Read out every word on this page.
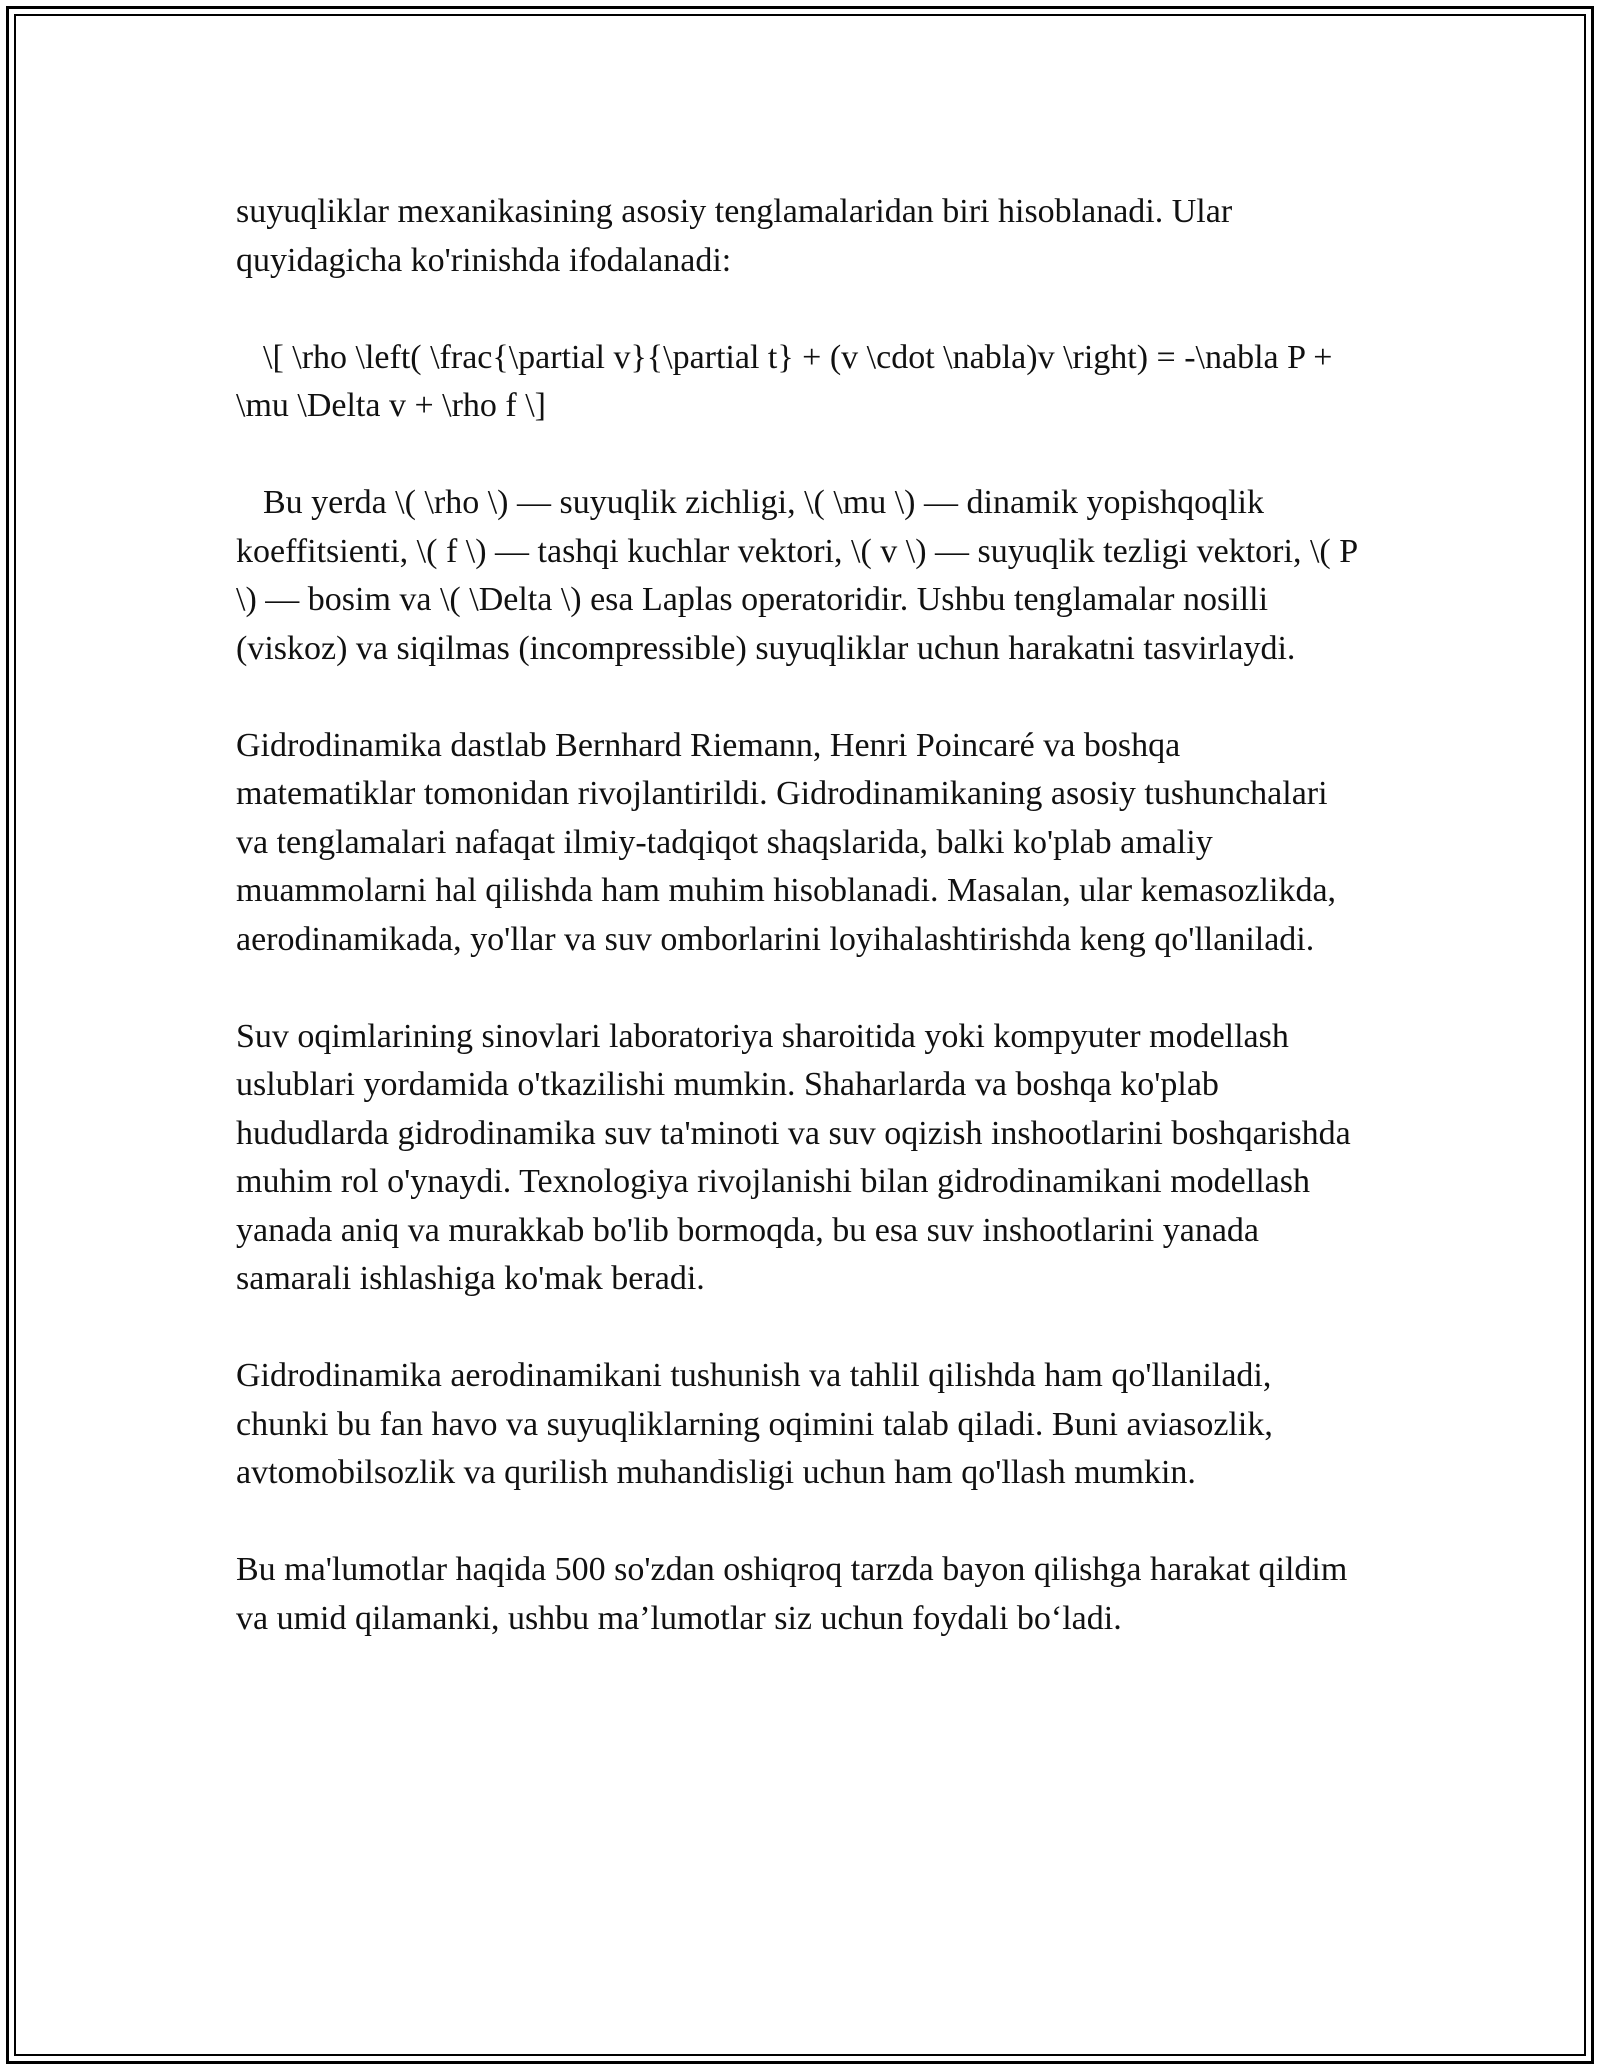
suyuqliklar mexanikasining asosiy tenglamalaridan biri hisoblanadi. Ular quyidagicha ko'rinishda ifodalanadi:

\[ \rho \left( \frac{\partial v}{\partial t} + (v \cdot \nabla)v \right) = -\nabla P + \mu \Delta v + \rho f \]

Bu yerda \( \rho \) — suyuqlik zichligi, \( \mu \) — dinamik yopishqoqlik koeffitsienti, \( f \) — tashqi kuchlar vektori, \( v \) — suyuqlik tezligi vektori, \( P \) — bosim va \( \Delta \) esa Laplas operatoridir. Ushbu tenglamalar nosilli (viskoz) va siqilmas (incompressible) suyuqliklar uchun harakatni tasvirlaydi.

Gidrodinamika dastlab Bernhard Riemann, Henri Poincaré va boshqa matematiklar tomonidan rivojlantirildi. Gidrodinamikaning asosiy tushunchalari va tenglamalari nafaqat ilmiy-tadqiqot shaqslarida, balki ko'plab amaliy muammolarni hal qilishda ham muhim hisoblanadi. Masalan, ular kemasozlikda, aerodinamikada, yo'llar va suv omborlarini loyihalashtirishda keng qo'llaniladi.

Suv oqimlarining sinovlari laboratoriya sharoitida yoki kompyuter modellash uslublari yordamida o'tkazilishi mumkin. Shaharlarda va boshqa ko'plab hududlarda gidrodinamika suv ta'minoti va suv oqizish inshootlarini boshqarishda muhim rol o'ynaydi. Texnologiya rivojlanishi bilan gidrodinamikani modellash yanada aniq va murakkab bo'lib bormoqda, bu esa suv inshootlarini yanada samarali ishlashiga ko'mak beradi.

Gidrodinamika aerodinamikani tushunish va tahlil qilishda ham qo'llaniladi, chunki bu fan havo va suyuqliklarning oqimini talab qiladi. Buni aviasozlik, avtomobilsozlik va qurilish muhandisligi uchun ham qo'llash mumkin.

Bu ma'lumotlar haqida 500 so'zdan oshiqroq tarzda bayon qilishga harakat qildim va umid qilamanki, ushbu ma’lumotlar siz uchun foydali bo‘ladi.
